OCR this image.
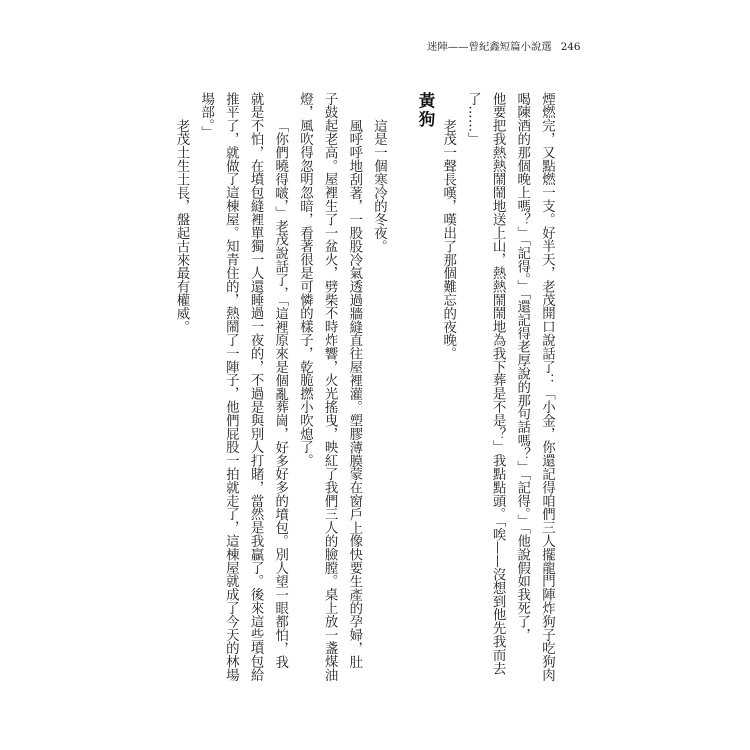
迷陣——曾紀鑫短篇小說選 246
煙燃完，又點燃一支。好半天，老茂開口說話了：「小金，你還記得咱們三人擺龍門陣炸狗子吃狗肉
喝陳酒的那個晚上嗎？」「記得。」「還記得老厚說的那句話嗎？」「記得。」「他說假如我死了，
他要把我熱熱鬧鬧地送上山，熱熱鬧鬧地為我下葬是不是？」我點點頭。「唉——沒想到他先我而去
了……」
老茂一聲長嘆，嘆出了那個難忘的夜晚。
黃狗
這是一個寒冷的冬夜。
風呼呼地刮著，一股股冷氣透過牆縫直往屋裡灌。塑膠薄膜蒙在窗戶上像快要生產的孕婦，肚
子鼓起老高。屋裡生了一盆火，劈柴不時炸響，火光搖曳，映紅了我們三人的臉膛。桌上放一盞煤油
燈，風吹得忽明忽暗，看著很是可憐的樣子，乾脆撚小吹熄了。
「你們曉得啵，」老茂說話了，「這裡原來是個亂葬崗，好多好多的墳包。別人望一眼都怕，我
就是不怕，在墳包縫裡單獨一人還睡過一夜的，不過是與別人打賭，當然是我贏了。後來這些墳包給
推平了，就做了這棟屋。知青住的，熱鬧了一陣子，他們屁股一拍就走了，這棟屋就成了今天的林場
場部。」
老茂土生土長，盤起古來最有權威。
